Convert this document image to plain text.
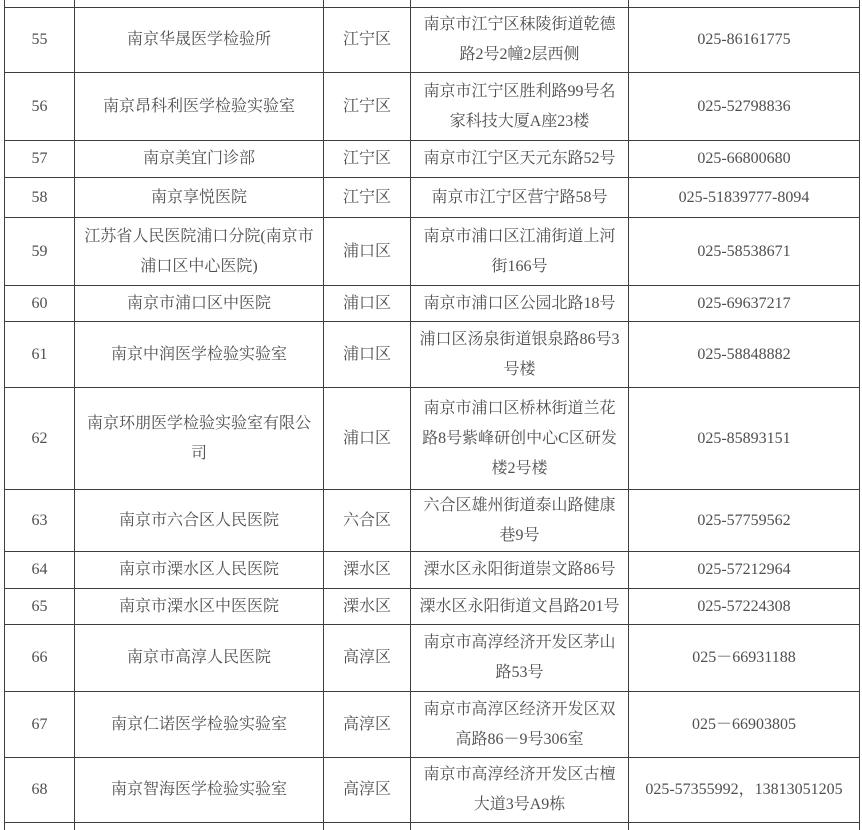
55	南京华晟医学检验所	江宁区	南京市江宁区秣陵街道乾德路2号2幢2层西侧	025-86161775
56	南京昂科利医学检验实验室	江宁区	南京市江宁区胜利路99号名家科技大厦A座23楼	025-52798836
57	南京美宜门诊部	江宁区	南京市江宁区天元东路52号	025-66800680
58	南京享悦医院	江宁区	南京市江宁区营宁路58号	025-51839777-8094
59	江苏省人民医院浦口分院(南京市浦口区中心医院)	浦口区	南京市浦口区江浦街道上河街166号	025-58538671
60	南京市浦口区中医院	浦口区	南京市浦口区公园北路18号	025-69637217
61	南京中润医学检验实验室	浦口区	浦口区汤泉街道银泉路86号3号楼	025-58848882
62	南京环朋医学检验实验室有限公司	浦口区	南京市浦口区桥林街道兰花路8号紫峰研创中心C区研发楼2号楼	025-85893151
63	南京市六合区人民医院	六合区	六合区雄州街道泰山路健康巷9号	025-57759562
64	南京市溧水区人民医院	溧水区	溧水区永阳街道崇文路86号	025-57212964
65	南京市溧水区中医医院	溧水区	溧水区永阳街道文昌路201号	025-57224308
66	南京市高淳人民医院	高淳区	南京市高淳经济开发区茅山路53号	025－66931188
67	南京仁诺医学检验实验室	高淳区	南京市高淳区经济开发区双高路86－9号306室	025－66903805
68	南京智海医学检验实验室	高淳区	南京市高淳经济开发区古檀大道3号A9栋	025-57355992，13813051205
